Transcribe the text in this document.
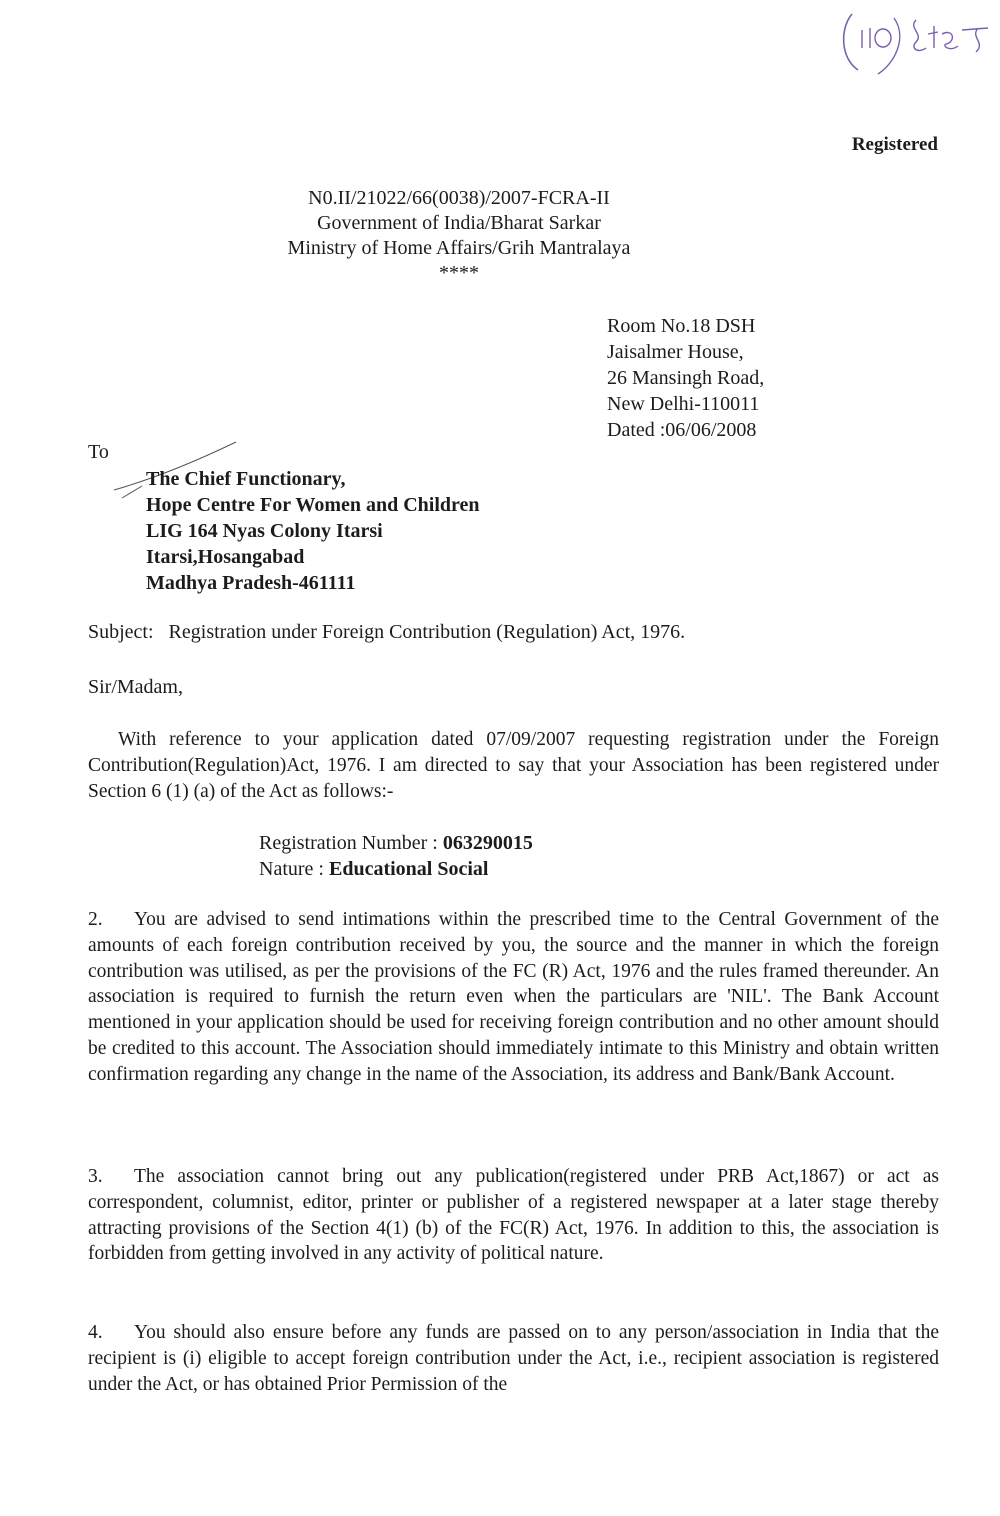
Registered
N0.II/21022/66(0038)/2007-FCRA-II
Government of India/Bharat Sarkar
Ministry of Home Affairs/Grih Mantralaya
****
Room No.18 DSH
Jaisalmer House,
26 Mansingh Road,
New Delhi-110011
Dated :06/06/2008
To
The Chief Functionary,
Hope Centre For Women and Children
LIG 164 Nyas Colony Itarsi
Itarsi,Hosangabad
Madhya Pradesh-461111
Subject: Registration under Foreign Contribution (Regulation) Act, 1976.
Sir/Madam,
With reference to your application dated 07/09/2007 requesting registration under the Foreign Contribution(Regulation)Act, 1976. I am directed to say that your Association has been registered under Section 6 (1) (a) of the Act as follows:-
Registration Number : 063290015
Nature : Educational Social
2. You are advised to send intimations within the prescribed time to the Central Government of the amounts of each foreign contribution received by you, the source and the manner in which the foreign contribution was utilised, as per the provisions of the FC (R) Act, 1976 and the rules framed thereunder. An association is required to furnish the return even when the particulars are 'NIL'. The Bank Account mentioned in your application should be used for receiving foreign contribution and no other amount should be credited to this account. The Association should immediately intimate to this Ministry and obtain written confirmation regarding any change in the name of the Association, its address and Bank/Bank Account.
3. The association cannot bring out any publication(registered under PRB Act,1867) or act as correspondent, columnist, editor, printer or publisher of a registered newspaper at a later stage thereby attracting provisions of the Section 4(1) (b) of the FC(R) Act, 1976. In addition to this, the association is forbidden from getting involved in any activity of political nature.
4. You should also ensure before any funds are passed on to any person/association in India that the recipient is (i) eligible to accept foreign contribution under the Act, i.e., recipient association is registered under the Act, or has obtained Prior Permission of the
